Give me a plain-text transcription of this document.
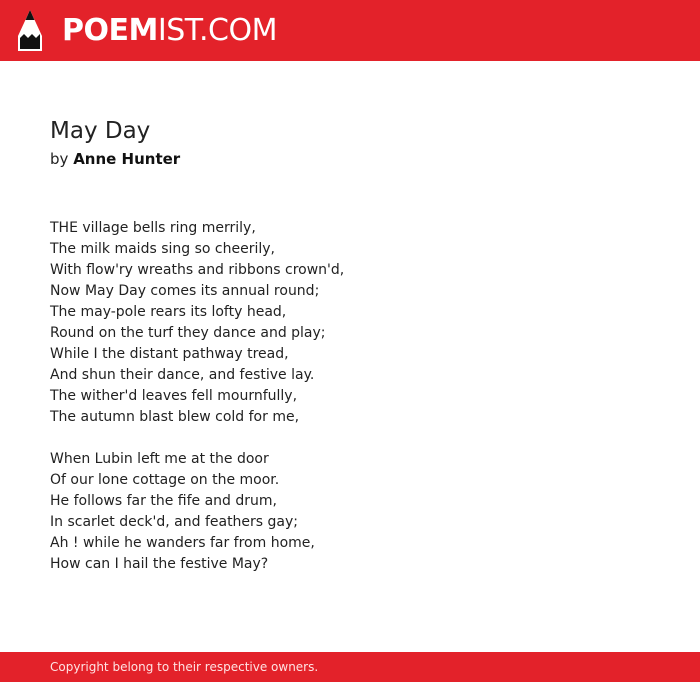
POEMIST.COM
May Day
by Anne Hunter
THE village bells ring merrily,
The milk maids sing so cheerily,
With flow'ry wreaths and ribbons crown'd,
Now May Day comes its annual round;
The may-pole rears its lofty head,
Round on the turf they dance and play;
While I the distant pathway tread,
And shun their dance, and festive lay.
The wither'd leaves fell mournfully,
The autumn blast blew cold for me,
When Lubin left me at the door
Of our lone cottage on the moor.
He follows far the fife and drum,
In scarlet deck'd, and feathers gay;
Ah ! while he wanders far from home,
How can I hail the festive May?
Copyright belong to their respective owners.
